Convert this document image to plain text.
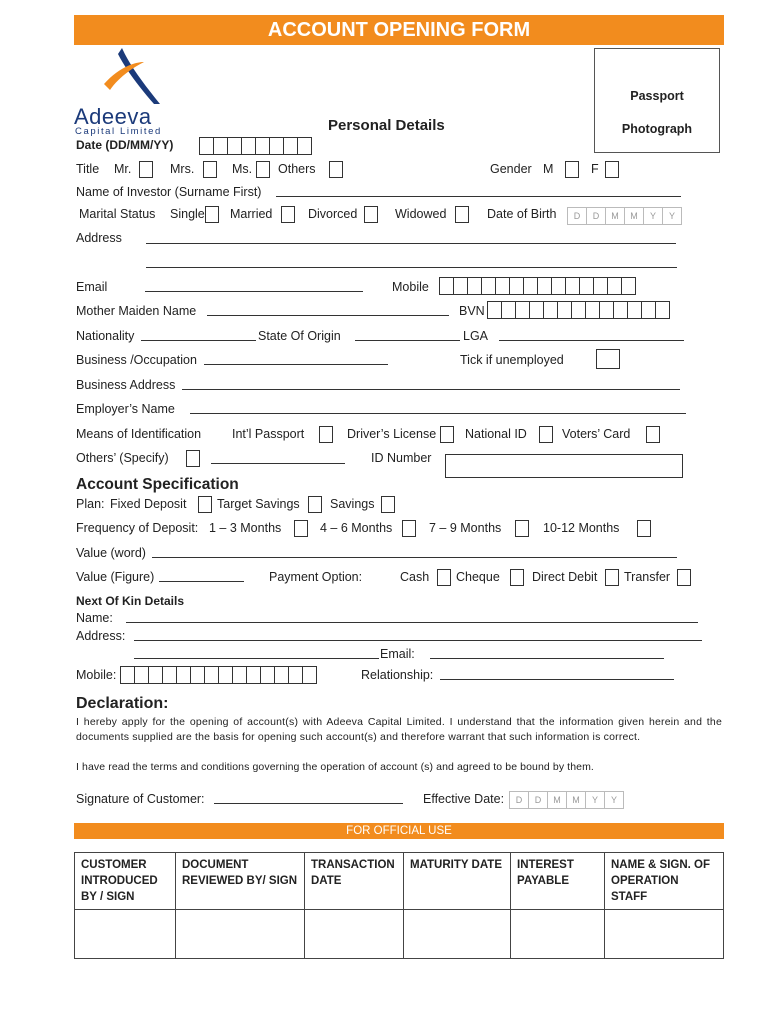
ACCOUNT OPENING FORM
Adeeva
Capital Limited
Passport
Photograph
Personal Details
Date (DD/MM/YY)
Title Mr.	Mrs.	Ms. Others	Gender M	F
Name of Investor (Surname First)
Marital Status Single Married	Divorced	Widowed	Date of Birth	D	D	M	M	Y	Y
Address
Email	Mobile
Mother Maiden Name	BVN
Nationality	State Of Origin	LGA
Business /Occupation	Tick if unemployed
Business Address
Employer’s Name
Means of Identification Int’l Passport	Driver’s License National ID	Voters’ Card
Others’ (Specify)	ID Number
Account Specification
Plan: Fixed Deposit Target Savings Savings
Frequency of Deposit: 1 – 3 Months	4 – 6 Months	7 – 9 Months	10-12 Months
Value (word)
Value (Figure)	Payment Option:	Cash Cheque	Direct Debit Transfer
Next Of Kin Details
Name:
Address:
Email:
Mobile:	Relationship:
Declaration:
I hereby apply for the opening of account(s) with Adeeva Capital Limited. I understand that the information given herein and the documents supplied are the basis for opening such account(s) and therefore warrant that such information is correct.
I have read the terms and conditions governing the operation of account (s) and agreed to be bound by them.
Signature of Customer:	Effective Date:	D	D	M	M	Y	Y
FOR OFFICIAL USE
CUSTOMER INTRODUCED BY / SIGN	DOCUMENT REVIEWED BY/ SIGN	TRANSACTION DATE	MATURITY DATE	INTEREST PAYABLE	NAME & SIGN. OF OPERATION STAFF
